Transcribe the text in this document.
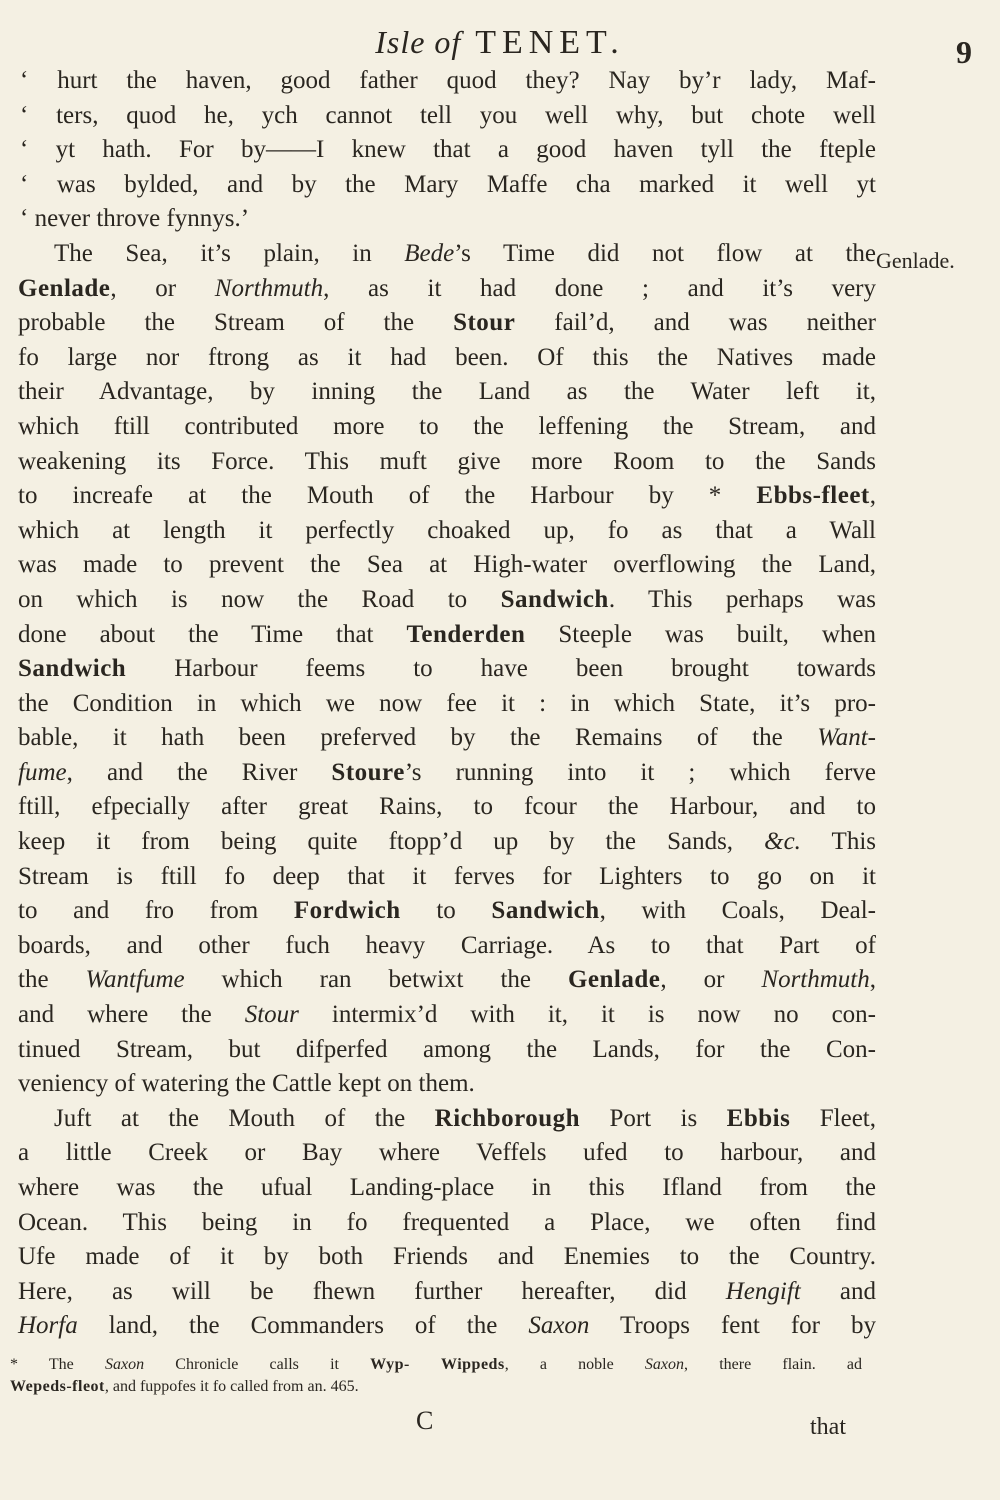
Isle of TENET.	9
Genlade.
‘ hurt the haven, good father quod they? Nay by’r lady, Maf-
‘ ters, quod he, ych cannot tell you well why, but chote well
‘ yt hath. For by——I knew that a good haven tyll the fteple
‘ was bylded, and by the Mary Maffe cha marked it well yt
‘ never throve fynnys.’
The Sea, it’s plain, in Bede’s Time did not flow at the
Genlade, or Northmuth, as it had done ; and it’s very
probable the Stream of the Stour fail’d, and was neither
fo large nor ftrong as it had been. Of this the Natives made
their Advantage, by inning the Land as the Water left it,
which ftill contributed more to the leffening the Stream, and
weakening its Force. This muft give more Room to the Sands
to increafe at the Mouth of the Harbour by * Ebbs-fleet,
which at length it perfectly choaked up, fo as that a Wall
was made to prevent the Sea at High-water overflowing the Land,
on which is now the Road to Sandwich. This perhaps was
done about the Time that Tenderden Steeple was built, when
Sandwich Harbour feems to have been brought towards
the Condition in which we now fee it : in which State, it’s pro-
bable, it hath been preferved by the Remains of the Want-
fume, and the River Stoure’s running into it ; which ferve
ftill, efpecially after great Rains, to fcour the Harbour, and to
keep it from being quite ftopp’d up by the Sands, &c. This
Stream is ftill fo deep that it ferves for Lighters to go on it
to and fro from Fordwich to Sandwich, with Coals, Deal-
boards, and other fuch heavy Carriage. As to that Part of
the Wantfume which ran betwixt the Genlade, or Northmuth,
and where the Stour intermix’d with it, it is now no con-
tinued Stream, but difperfed among the Lands, for the Con-
veniency of watering the Cattle kept on them.
Juft at the Mouth of the Richborough Port is Ebbis Fleet,
a little Creek or Bay where Veffels ufed to harbour, and
where was the ufual Landing-place in this Ifland from the
Ocean. This being in fo frequented a Place, we often find
Ufe made of it by both Friends and Enemies to the Country.
Here, as will be fhewn further hereafter, did Hengift and
Horfa land, the Commanders of the Saxon Troops fent for by
* The Saxon Chronicle calls it Wyp- Wippeds, a noble Saxon, there flain. ad
Wepeds-fleot, and fuppofes it fo called from an. 465.
C	that
